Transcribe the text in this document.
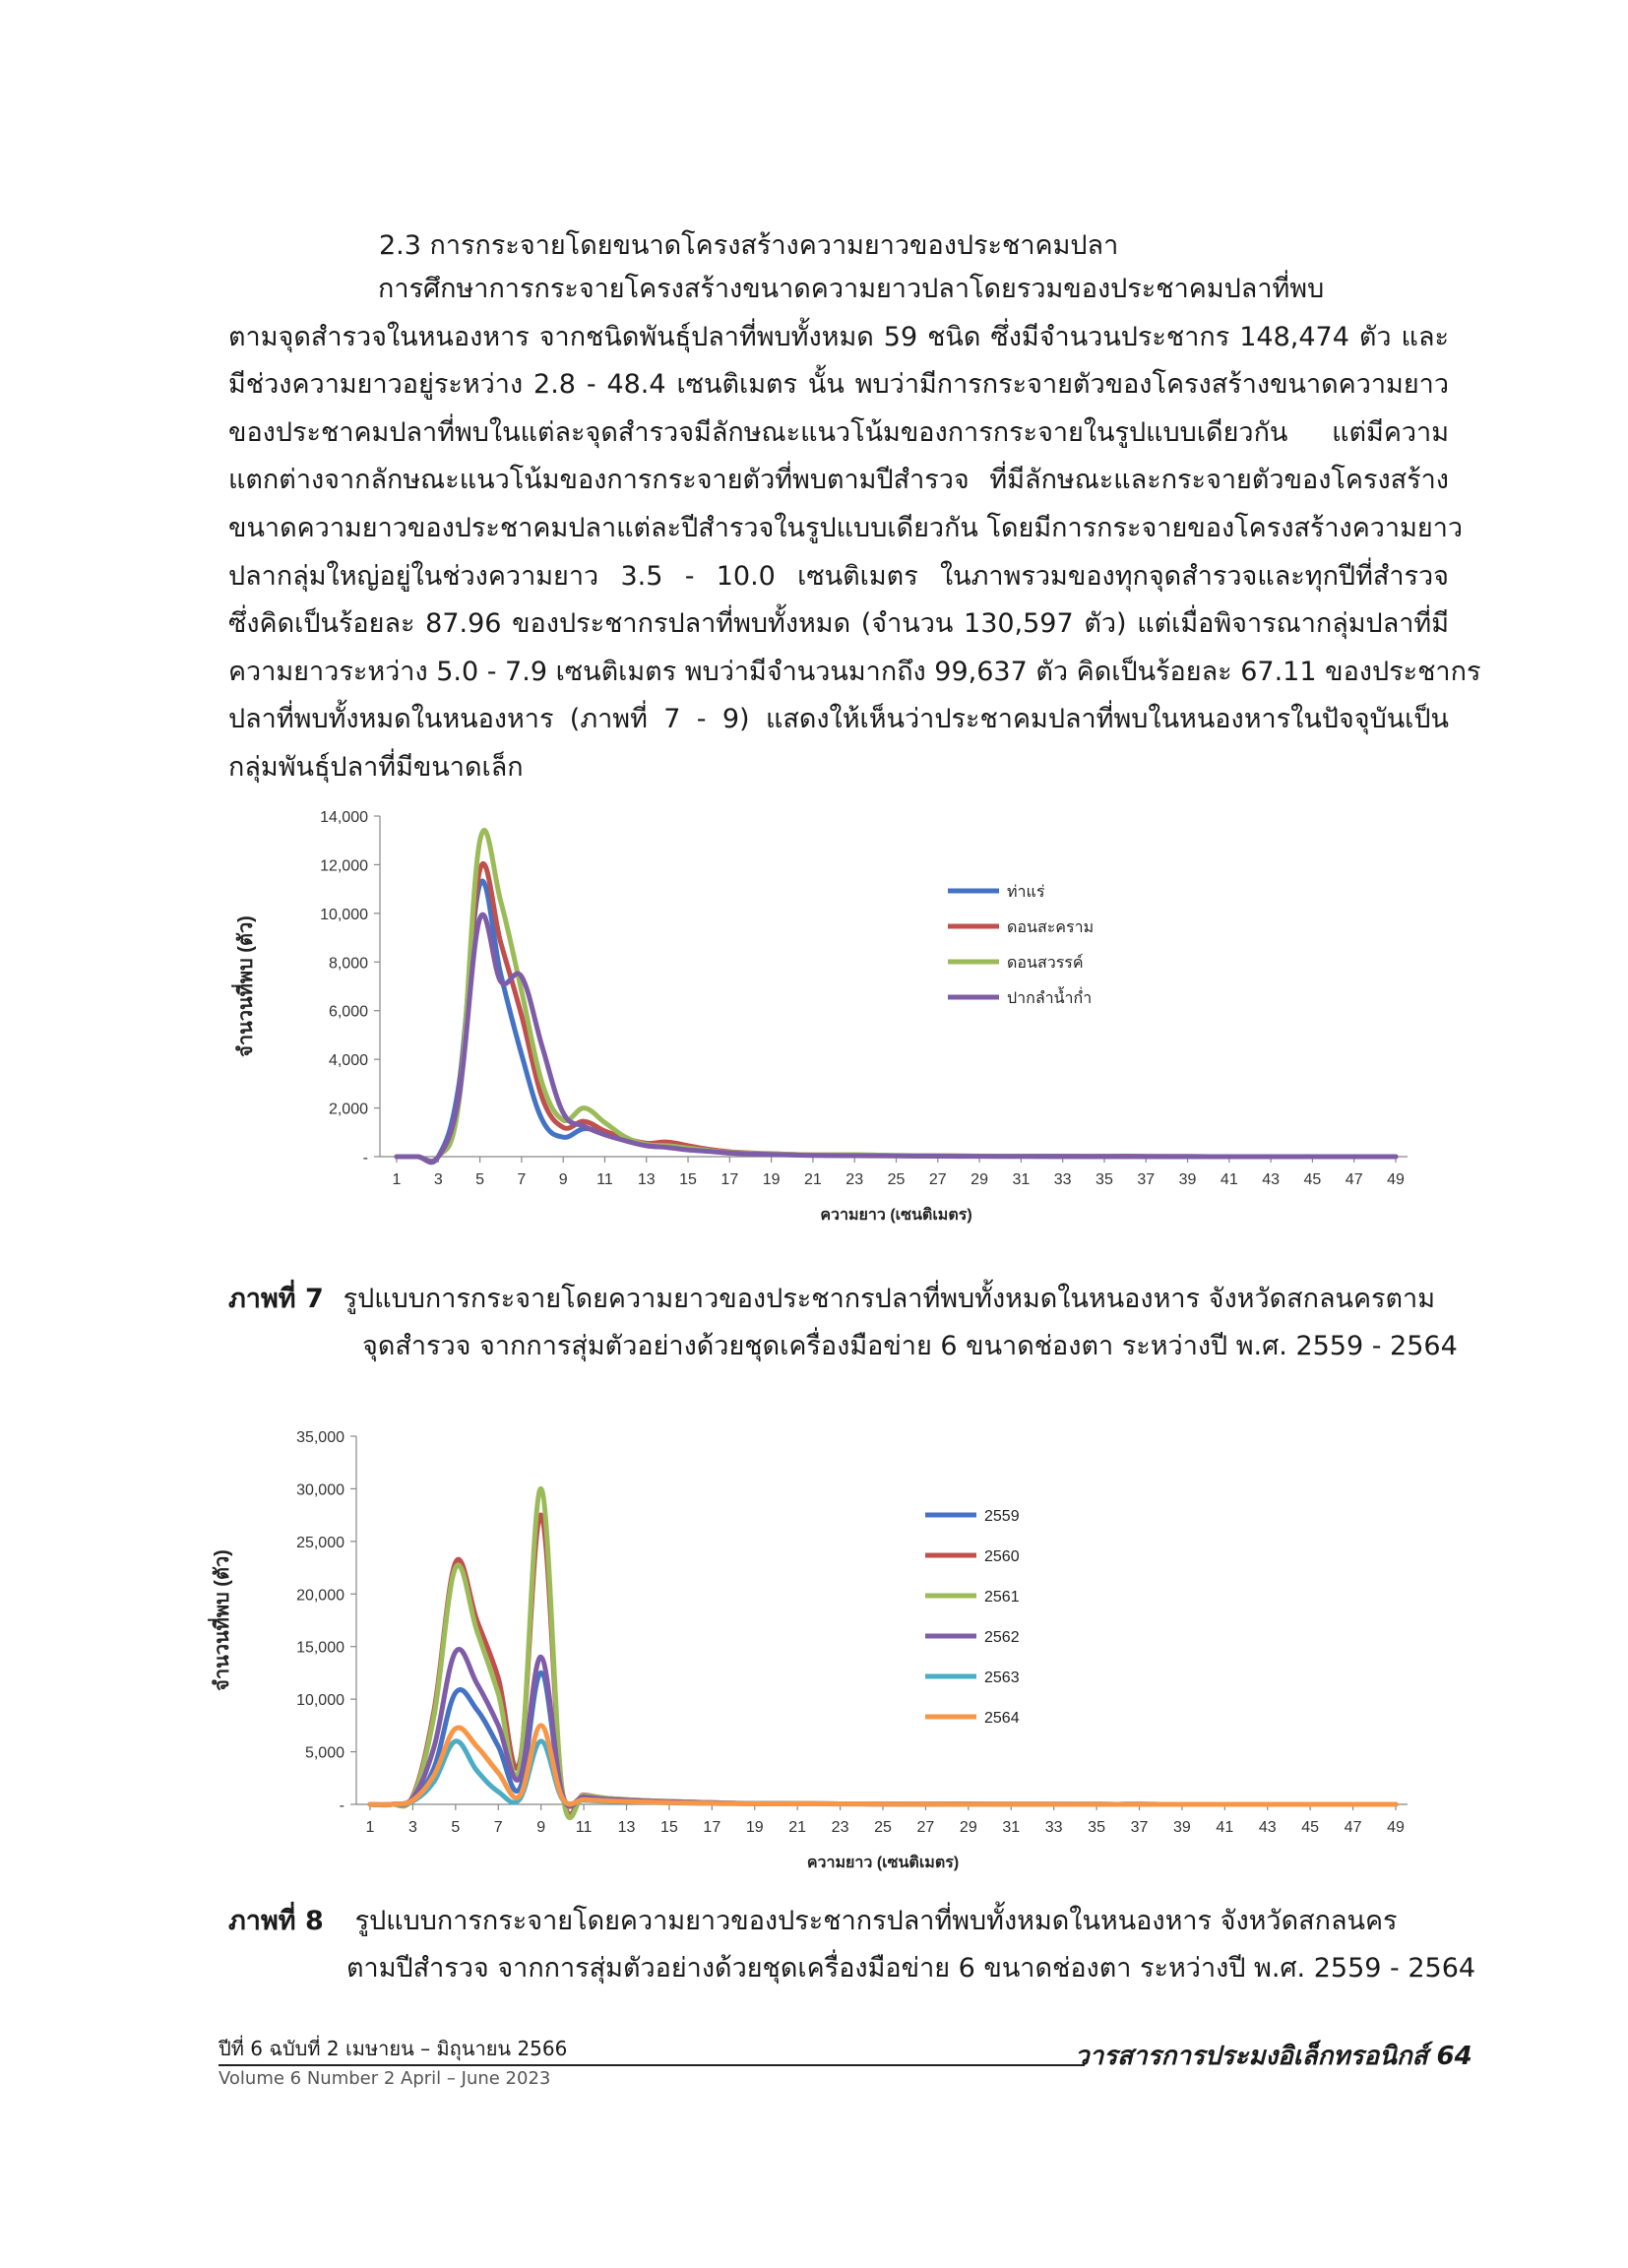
2.3 การกระจายโดยขนาดโครงสร้างความยาวของประชาคมปลา
การศึกษาการกระจายโครงสร้างขนาดความยาวปลาโดยรวมของประชาคมปลาที่พบ
ตามจุดสำรวจในหนองหาร จากชนิดพันธุ์ปลาที่พบทั้งหมด 59 ชนิด ซึ่งมีจำนวนประชากร 148,474 ตัว และ
มีช่วงความยาวอยู่ระหว่าง 2.8 - 48.4 เซนติเมตร นั้น พบว่ามีการกระจายตัวของโครงสร้างขนาดความยาว
ของประชาคมปลาที่พบในแต่ละจุดสำรวจมีลักษณะแนวโน้มของการกระจายในรูปแบบเดียวกัน แต่มีความ
แตกต่างจากลักษณะแนวโน้มของการกระจายตัวที่พบตามปีสำรวจ ที่มีลักษณะและกระจายตัวของโครงสร้าง
ขนาดความยาวของประชาคมปลาแต่ละปีสำรวจในรูปแบบเดียวกัน โดยมีการกระจายของโครงสร้างความยาว
ปลากลุ่มใหญ่อยู่ในช่วงความยาว 3.5 - 10.0 เซนติเมตร ในภาพรวมของทุกจุดสำรวจและทุกปีที่สำรวจ
ซึ่งคิดเป็นร้อยละ 87.96 ของประชากรปลาที่พบทั้งหมด (จำนวน 130,597 ตัว) แต่เมื่อพิจารณากลุ่มปลาที่มี
ความยาวระหว่าง 5.0 - 7.9 เซนติเมตร พบว่ามีจำนวนมากถึง 99,637 ตัว คิดเป็นร้อยละ 67.11 ของประชากร
ปลาที่พบทั้งหมดในหนองหาร (ภาพที่ 7 - 9) แสดงให้เห็นว่าประชาคมปลาที่พบในหนองหารในปัจจุบันเป็น
กลุ่มพันธุ์ปลาที่มีขนาดเล็ก
-
2,000
4,000
6,000
8,000
10,000
12,000
14,000
1 3 5 7 9 11 13 15 17 19 21 23 25 27 29 31 33 35 37 39 41 43 45 47 49
ความยาว (เซนติเมตร)
จำนวนที่พบ (ตัว)
ท่าแร่
ดอนสะคราม
ดอนสวรรค์
ปากลำน้ำก่ำ
-
5,000
10,000
15,000
20,000
25,000
30,000
35,000
1 3 5 7 9 11 13 15 17 19 21 23 25 27 29 31 33 35 37 39 41 43 45 47 49
ความยาว (เซนติเมตร)
จำนวนที่พบ (ตัว)
2559
2560
2561
2562
2563
2564
ภาพที่ 7 รูปแบบการกระจายโดยความยาวของประชากรปลาที่พบทั้งหมดในหนองหาร จังหวัดสกลนครตาม
จุดสำรวจ จากการสุ่มตัวอย่างด้วยชุดเครื่องมือข่าย 6 ขนาดช่องตา ระหว่างปี พ.ศ. 2559 - 2564
ภาพที่ 8 รูปแบบการกระจายโดยความยาวของประชากรปลาที่พบทั้งหมดในหนองหาร จังหวัดสกลนคร
ตามปีสำรวจ จากการสุ่มตัวอย่างด้วยชุดเครื่องมือข่าย 6 ขนาดช่องตา ระหว่างปี พ.ศ. 2559 - 2564
ปีที่ 6 ฉบับที่ 2 เมษายน – มิถุนายน 2566	วารสารการประมงอิเล็กทรอนิกส์ 64
Volume 6 Number 2 April – June 2023
